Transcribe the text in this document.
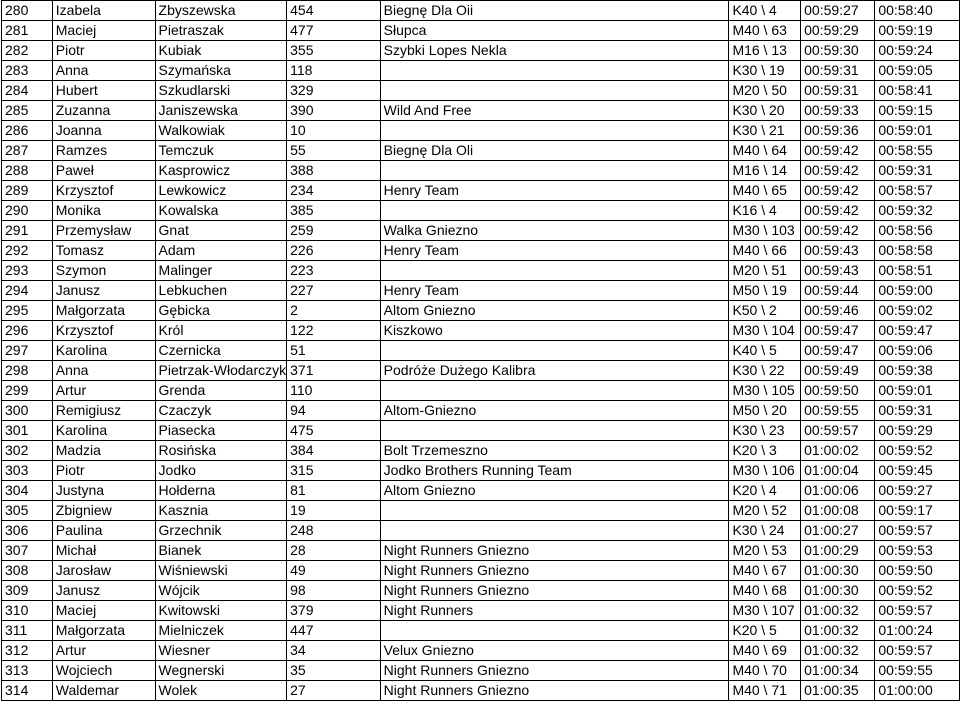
280	Izabela	Zbyszewska	454	Biegnę Dla Oii	K40 \ 4	00:59:27	00:58:40
281	Maciej	Pietraszak	477	Słupca	M40 \ 63	00:59:29	00:59:19
282	Piotr	Kubiak	355	Szybki Lopes Nekla	M16 \ 13	00:59:30	00:59:24
283	Anna	Szymańska	118		K30 \ 19	00:59:31	00:59:05
284	Hubert	Szkudlarski	329		M20 \ 50	00:59:31	00:58:41
285	Zuzanna	Janiszewska	390	Wild And Free	K30 \ 20	00:59:33	00:59:15
286	Joanna	Walkowiak	10		K30 \ 21	00:59:36	00:59:01
287	Ramzes	Temczuk	55	Biegnę Dla Oli	M40 \ 64	00:59:42	00:58:55
288	Paweł	Kasprowicz	388		M16 \ 14	00:59:42	00:59:31
289	Krzysztof	Lewkowicz	234	Henry Team	M40 \ 65	00:59:42	00:58:57
290	Monika	Kowalska	385		K16 \ 4	00:59:42	00:59:32
291	Przemysław	Gnat	259	Walka Gniezno	M30 \ 103	00:59:42	00:58:56
292	Tomasz	Adam	226	Henry Team	M40 \ 66	00:59:43	00:58:58
293	Szymon	Malinger	223		M20 \ 51	00:59:43	00:58:51
294	Janusz	Lebkuchen	227	Henry Team	M50 \ 19	00:59:44	00:59:00
295	Małgorzata	Gębicka	2	Altom Gniezno	K50 \ 2	00:59:46	00:59:02
296	Krzysztof	Król	122	Kiszkowo	M30 \ 104	00:59:47	00:59:47
297	Karolina	Czernicka	51		K40 \ 5	00:59:47	00:59:06
298	Anna	Pietrzak-Włodarczyk	371	Podróże Dużego Kalibra	K30 \ 22	00:59:49	00:59:38
299	Artur	Grenda	110		M30 \ 105	00:59:50	00:59:01
300	Remigiusz	Czaczyk	94	Altom-Gniezno	M50 \ 20	00:59:55	00:59:31
301	Karolina	Piasecka	475		K30 \ 23	00:59:57	00:59:29
302	Madzia	Rosińska	384	Bolt Trzemeszno	K20 \ 3	01:00:02	00:59:52
303	Piotr	Jodko	315	Jodko Brothers Running Team	M30 \ 106	01:00:04	00:59:45
304	Justyna	Hołderna	81	Altom Gniezno	K20 \ 4	01:00:06	00:59:27
305	Zbigniew	Kasznia	19		M20 \ 52	01:00:08	00:59:17
306	Paulina	Grzechnik	248		K30 \ 24	01:00:27	00:59:57
307	Michał	Bianek	28	Night Runners Gniezno	M20 \ 53	01:00:29	00:59:53
308	Jarosław	Wiśniewski	49	Night Runners Gniezno	M40 \ 67	01:00:30	00:59:50
309	Janusz	Wójcik	98	Night Runners Gniezno	M40 \ 68	01:00:30	00:59:52
310	Maciej	Kwitowski	379	Night Runners	M30 \ 107	01:00:32	00:59:57
311	Małgorzata	Mielniczek	447		K20 \ 5	01:00:32	01:00:24
312	Artur	Wiesner	34	Velux Gniezno	M40 \ 69	01:00:32	00:59:57
313	Wojciech	Wegnerski	35	Night Runners Gniezno	M40 \ 70	01:00:34	00:59:55
314	Waldemar	Wolek	27	Night Runners Gniezno	M40 \ 71	01:00:35	01:00:00
